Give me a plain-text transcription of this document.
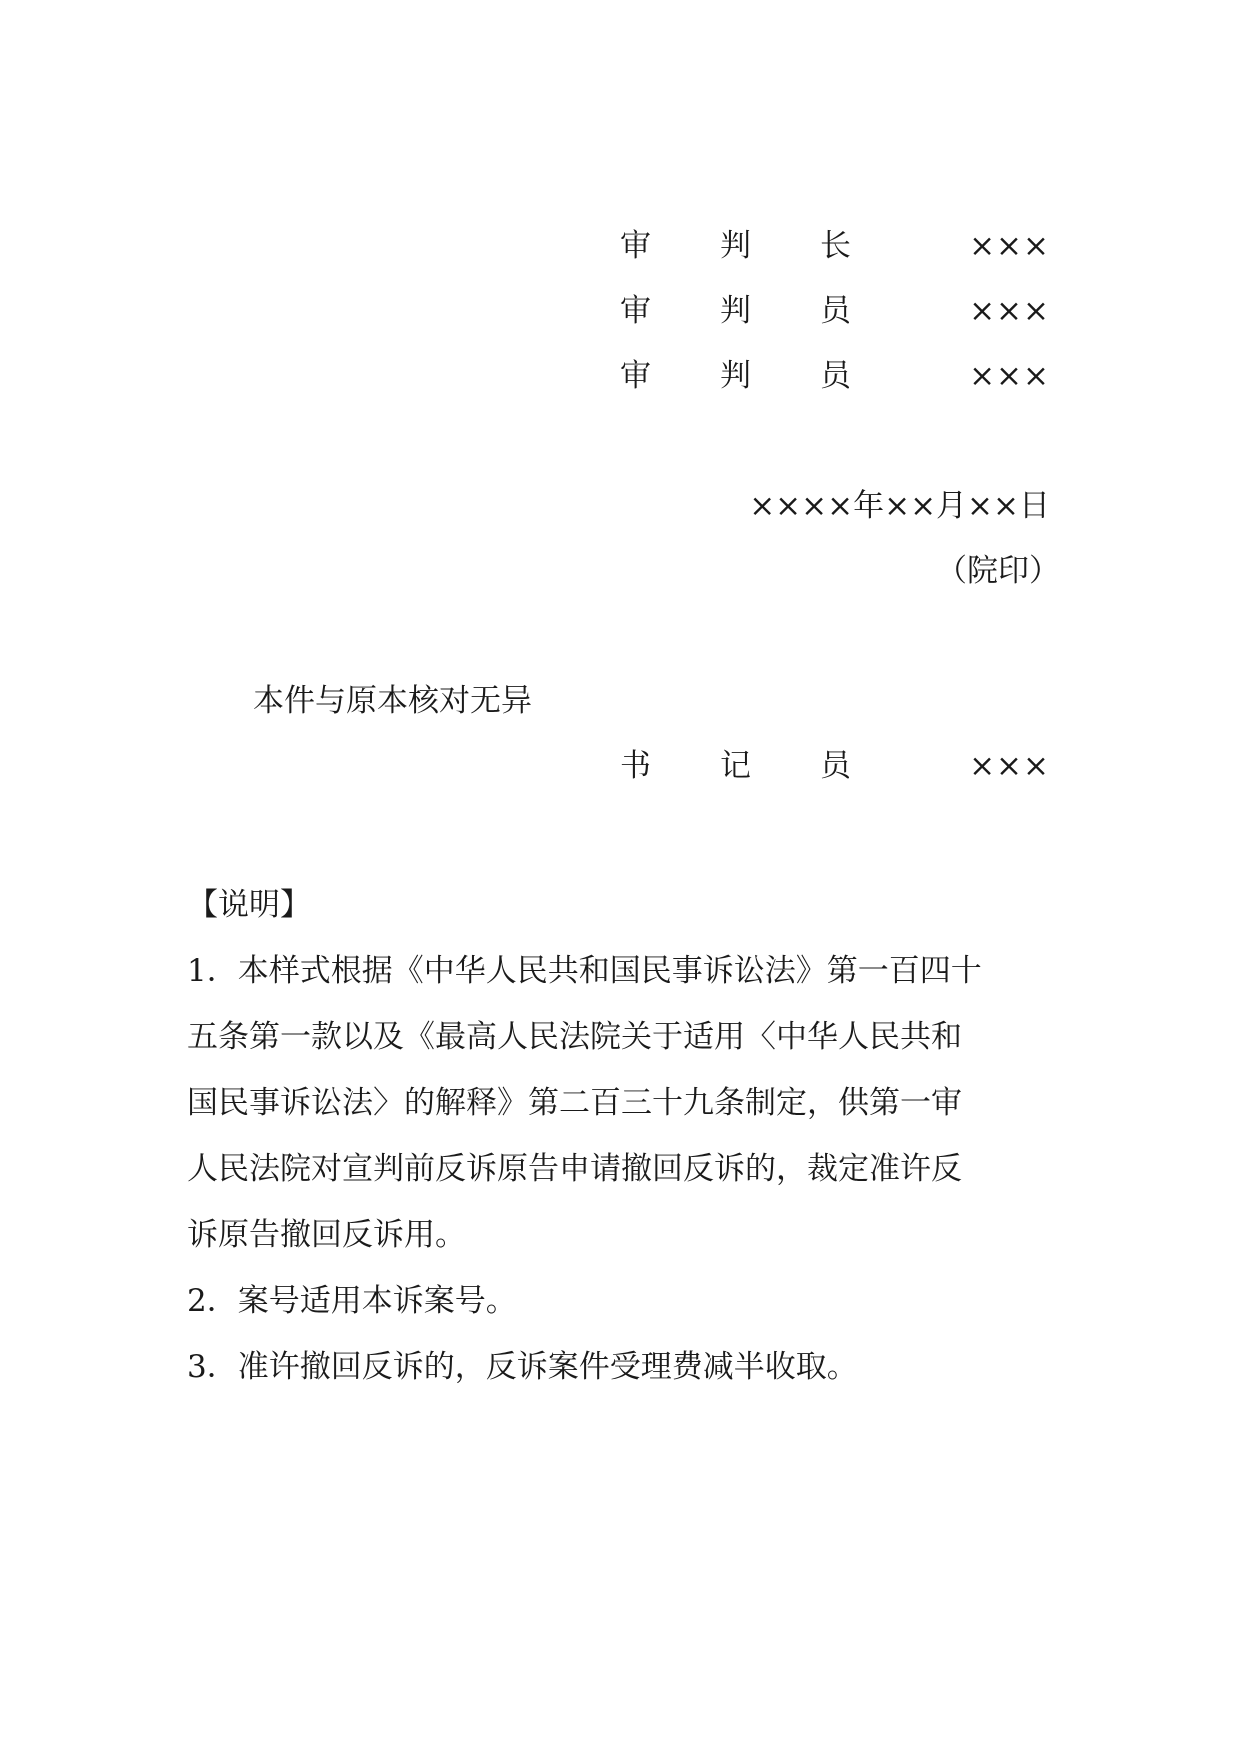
审 判 长	×××
审 判 员	×××
审 判 员	×××
××××年××月××日
（院印）
本件与原本核对无异
书 记 员	×××
【说明】
1．本样式根据《中华人民共和国民事诉讼法》第一百四十
五条第一款以及《最高人民法院关于适用〈中华人民共和
国民事诉讼法〉的解释》第二百三十九条制定，供第一审
人民法院对宣判前反诉原告申请撤回反诉的，裁定准许反
诉原告撤回反诉用。
2．案号适用本诉案号。
3．准许撤回反诉的，反诉案件受理费减半收取。
